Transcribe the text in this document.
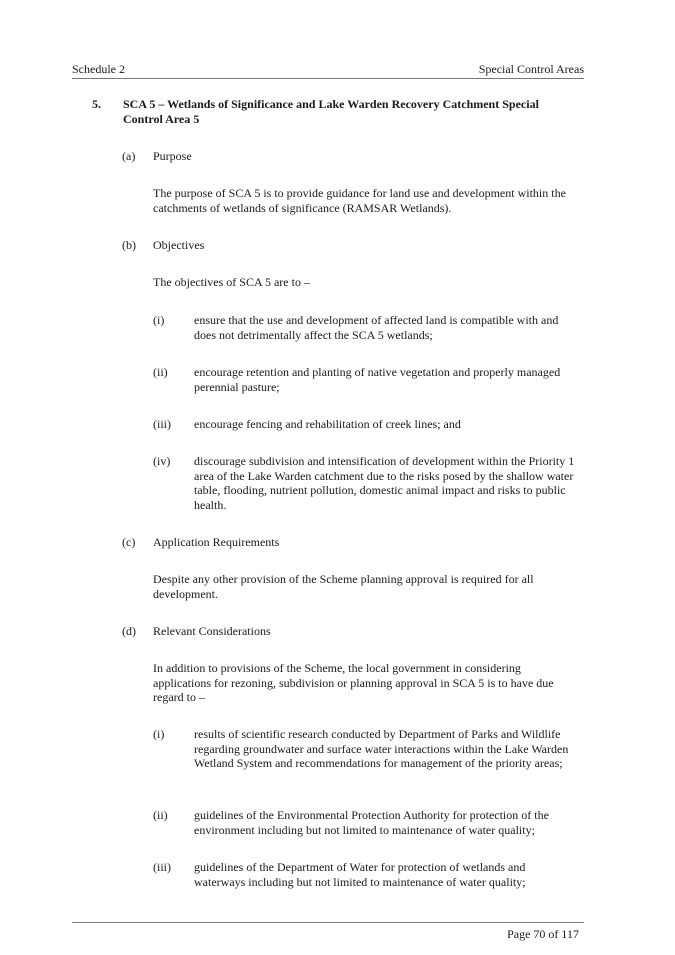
Schedule 2	Special Control Areas
5. SCA 5 – Wetlands of Significance and Lake Warden Recovery Catchment Special Control Area 5
(a) Purpose
The purpose of SCA 5 is to provide guidance for land use and development within the catchments of wetlands of significance (RAMSAR Wetlands).
(b) Objectives
The objectives of SCA 5 are to –
(i) ensure that the use and development of affected land is compatible with and does not detrimentally affect the SCA 5 wetlands;
(ii) encourage retention and planting of native vegetation and properly managed perennial pasture;
(iii) encourage fencing and rehabilitation of creek lines; and
(iv) discourage subdivision and intensification of development within the Priority 1 area of the Lake Warden catchment due to the risks posed by the shallow water table, flooding, nutrient pollution, domestic animal impact and risks to public health.
(c) Application Requirements
Despite any other provision of the Scheme planning approval is required for all development.
(d) Relevant Considerations
In addition to provisions of the Scheme, the local government in considering applications for rezoning, subdivision or planning approval in SCA 5 is to have due regard to –
(i) results of scientific research conducted by Department of Parks and Wildlife regarding groundwater and surface water interactions within the Lake Warden Wetland System and recommendations for management of the priority areas;
(ii) guidelines of the Environmental Protection Authority for protection of the environment including but not limited to maintenance of water quality;
(iii) guidelines of the Department of Water for protection of wetlands and waterways including but not limited to maintenance of water quality;
Page 70 of 117
